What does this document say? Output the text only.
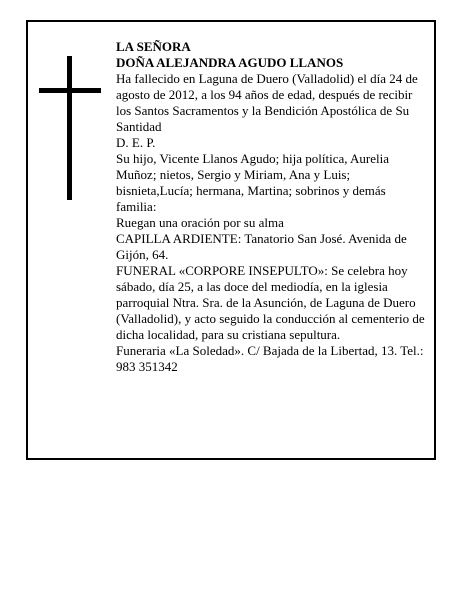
LA SEÑORA

DOÑA ALEJANDRA AGUDO LLANOS

Ha fallecido en Laguna de Duero (Valladolid) el día 24 de agosto de 2012, a los 94 años de edad, después de recibir los Santos Sacramentos y la Bendición Apostólica de Su Santidad

D. E. P.

Su hijo, Vicente Llanos Agudo; hija política, Aurelia Muñoz; nietos, Sergio y Miriam, Ana y Luis; bisnieta,Lucía; hermana, Martina; sobrinos y demás familia:

Ruegan una oración por su alma

CAPILLA ARDIENTE: Tanatorio San José. Avenida de Gijón, 64.

FUNERAL «CORPORE INSEPULTO»: Se celebra hoy sábado, día 25, a las doce del mediodía, en la iglesia parroquial Ntra. Sra. de la Asunción, de Laguna de Duero (Valladolid), y acto seguido la conducción al cementerio de dicha localidad, para su cristiana sepultura.

Funeraria «La Soledad». C/ Bajada de la Libertad, 13. Tel.: 983 351342
